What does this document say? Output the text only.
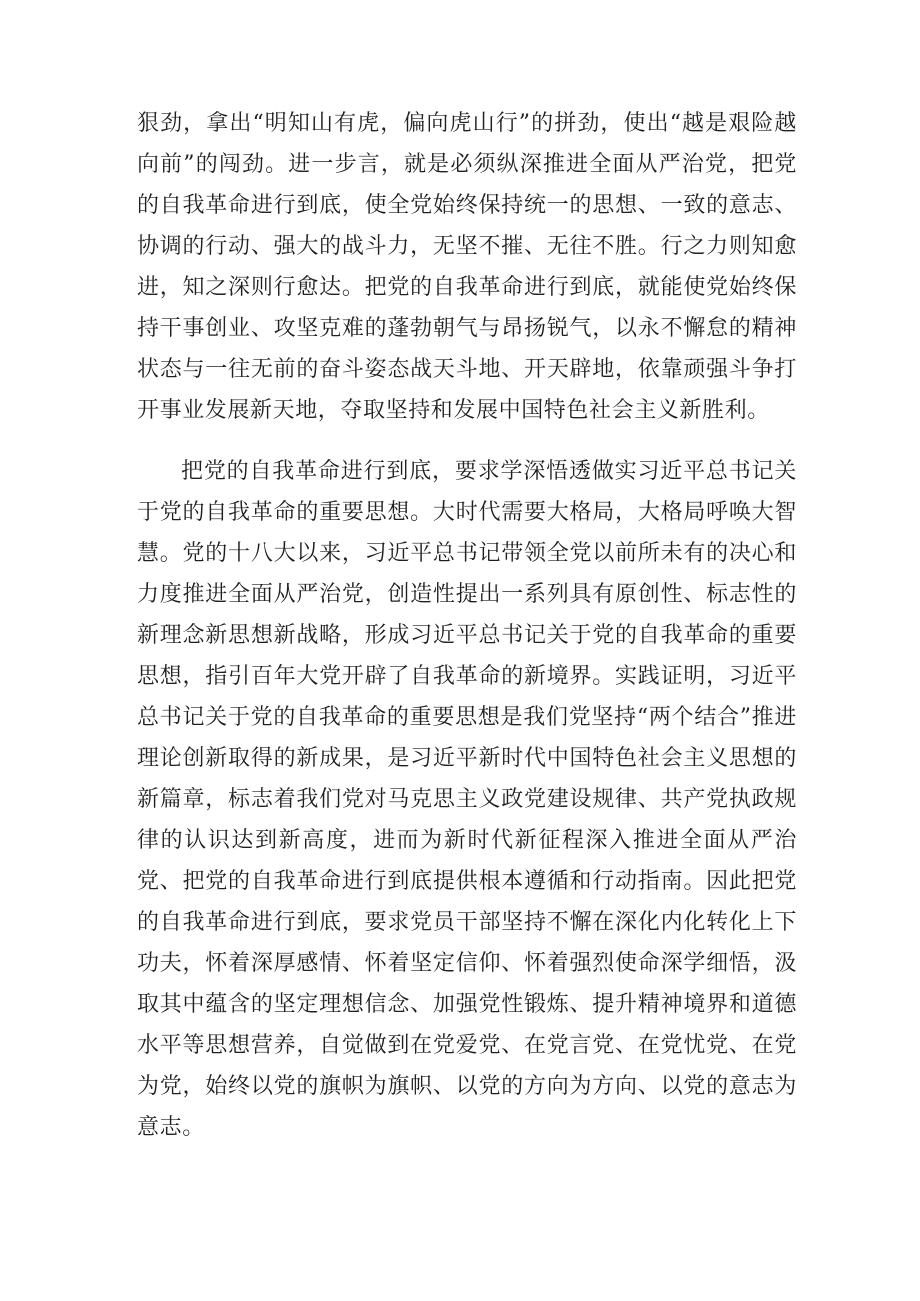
狠劲，拿出“明知山有虎，偏向虎山行”的拼劲，使出“越是艰险越向前”的闯劲。进一步言，就是必须纵深推进全面从严治党，把党的自我革命进行到底，使全党始终保持统一的思想、一致的意志、协调的行动、强大的战斗力，无坚不摧、无往不胜。行之力则知愈进，知之深则行愈达。把党的自我革命进行到底，就能使党始终保持干事创业、攻坚克难的蓬勃朝气与昂扬锐气，以永不懈怠的精神状态与一往无前的奋斗姿态战天斗地、开天辟地，依靠顽强斗争打开事业发展新天地，夺取坚持和发展中国特色社会主义新胜利。

把党的自我革命进行到底，要求学深悟透做实习近平总书记关于党的自我革命的重要思想。大时代需要大格局，大格局呼唤大智慧。党的十八大以来，习近平总书记带领全党以前所未有的决心和力度推进全面从严治党，创造性提出一系列具有原创性、标志性的新理念新思想新战略，形成习近平总书记关于党的自我革命的重要思想，指引百年大党开辟了自我革命的新境界。实践证明，习近平总书记关于党的自我革命的重要思想是我们党坚持“两个结合”推进理论创新取得的新成果，是习近平新时代中国特色社会主义思想的新篇章，标志着我们党对马克思主义政党建设规律、共产党执政规律的认识达到新高度，进而为新时代新征程深入推进全面从严治党、把党的自我革命进行到底提供根本遵循和行动指南。因此把党的自我革命进行到底，要求党员干部坚持不懈在深化内化转化上下功夫，怀着深厚感情、怀着坚定信仰、怀着强烈使命深学细悟，汲取其中蕴含的坚定理想信念、加强党性锻炼、提升精神境界和道德水平等思想营养，自觉做到在党爱党、在党言党、在党忧党、在党为党，始终以党的旗帜为旗帜、以党的方向为方向、以党的意志为意志。
